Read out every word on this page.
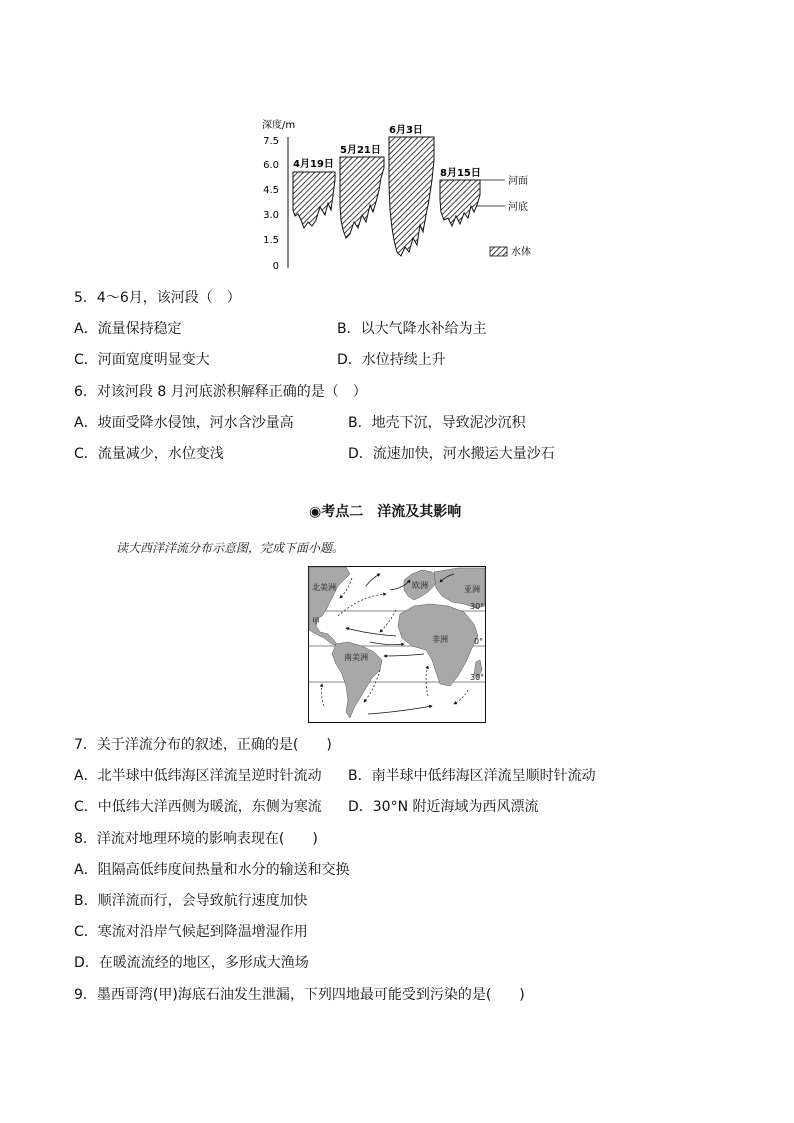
深度/m
7.5
6.0
4.5
3.0
1.5
0
4月19日
5月21日
6月3日
8月15日
河面
河底
水体
5．4～6月，该河段（　）
A．流量保持稳定	B．以大气降水补给为主
C．河面宽度明显变大	D．水位持续上升
6．对该河段 8 月河底淤积解释正确的是（　）
A．坡面受降水侵蚀，河水含沙量高	B．地壳下沉，导致泥沙沉积
C．流量减少，水位变浅	D．流速加快，河水搬运大量沙石
◉考点二　洋流及其影响
读大西洋洋流分布示意图，完成下面小题。
北美洲	欧洲	亚洲
非洲
南美洲
甲
30°
0°
30°
7．关于洋流分布的叙述，正确的是(　　)
A．北半球中低纬海区洋流呈逆时针流动 B．南半球中低纬海区洋流呈顺时针流动
C．中低纬大洋西侧为暖流，东侧为寒流 D．30°N 附近海域为西风漂流
8．洋流对地理环境的影响表现在(　　)
A．阻隔高低纬度间热量和水分的输送和交换
B．顺洋流而行，会导致航行速度加快
C．寒流对沿岸气候起到降温增湿作用
D．在暖流流经的地区，多形成大渔场
9．墨西哥湾(甲)海底石油发生泄漏，下列四地最可能受到污染的是(　　)
